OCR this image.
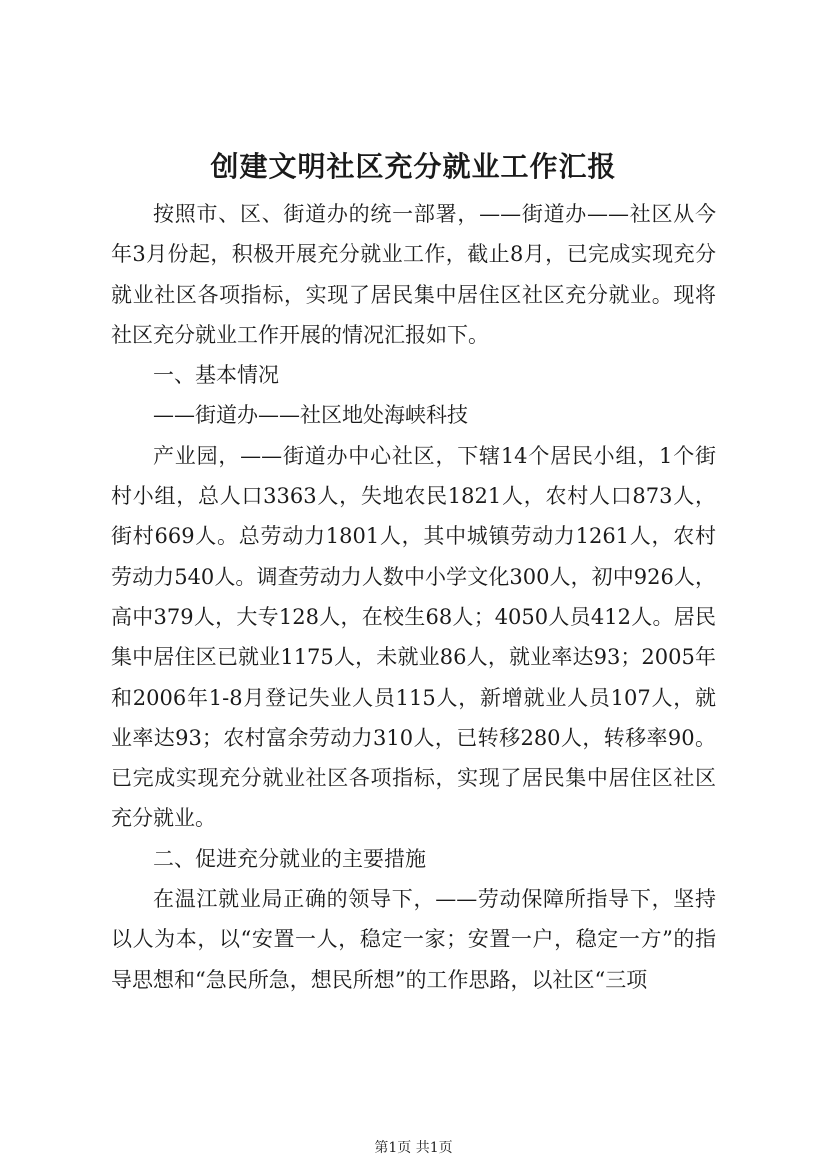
创建文明社区充分就业工作汇报

按照市、区、街道办的统一部署，——街道办——社区从今年3月份起，积极开展充分就业工作，截止8月，已完成实现充分就业社区各项指标，实现了居民集中居住区社区充分就业。现将社区充分就业工作开展的情况汇报如下。

一、基本情况

——街道办——社区地处海峡科技

产业园，——街道办中心社区，下辖14个居民小组，1个街村小组，总人口3363人，失地农民1821人，农村人口873人，街村669人。总劳动力1801人，其中城镇劳动力1261人，农村劳动力540人。调查劳动力人数中小学文化300人，初中926人，高中379人，大专128人，在校生68人；4050人员412人。居民集中居住区已就业1175人，未就业86人，就业率达93；2005年和2006年1-8月登记失业人员115人，新增就业人员107人，就业率达93；农村富余劳动力310人，已转移280人，转移率90。已完成实现充分就业社区各项指标，实现了居民集中居住区社区充分就业。

二、促进充分就业的主要措施

在温江就业局正确的领导下，——劳动保障所指导下，坚持以人为本，以“安置一人，稳定一家；安置一户，稳定一方”的指导思想和“急民所急，想民所想”的工作思路，以社区“三项

第1页 共1页
